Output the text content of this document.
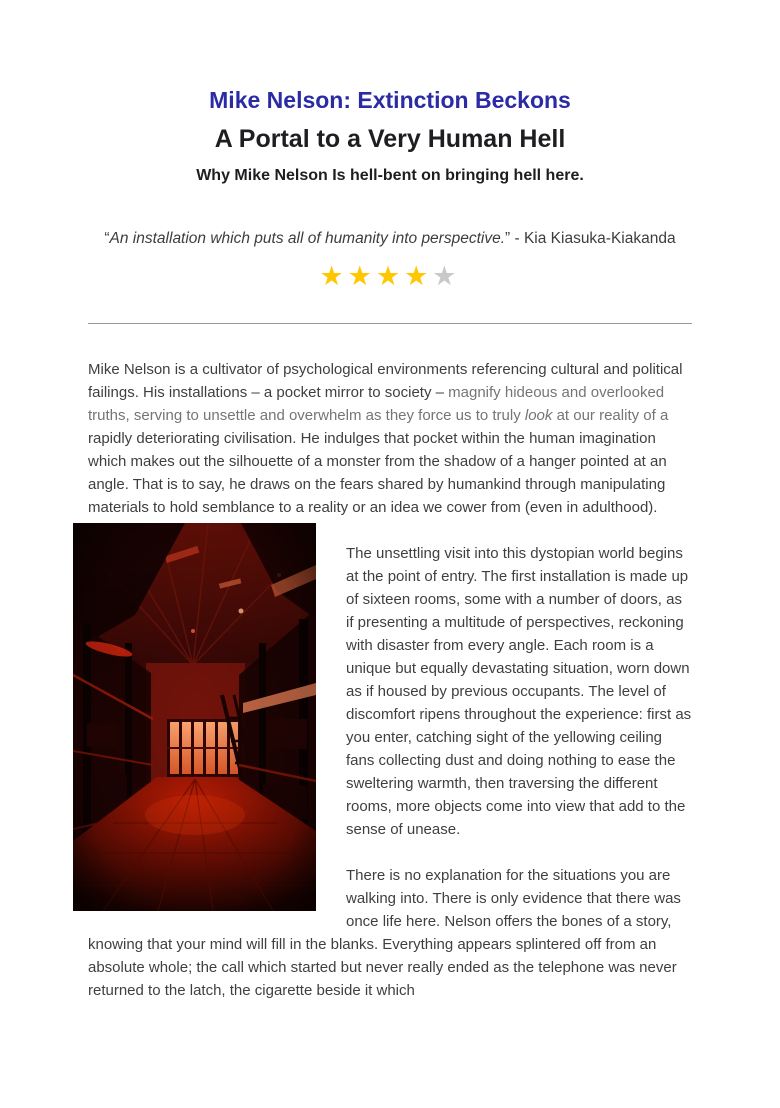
Mike Nelson: Extinction Beckons
A Portal to a Very Human Hell
Why Mike Nelson Is hell-bent on bringing hell here.

“An installation which puts all of humanity into perspective.” - Kia Kiasuka-Kiakanda

★★★★★

Mike Nelson is a cultivator of psychological environments referencing cultural and political failings. His installations – a pocket mirror to society – magnify hideous and overlooked truths, serving to unsettle and overwhelm as they force us to truly look at our reality of a rapidly deteriorating civilisation. He indulges that pocket within the human imagination which makes out the silhouette of a monster from the shadow of a hanger pointed at an angle. That is to say, he draws on the fears shared by humankind through manipulating materials to hold semblance to a reality or an idea we cower from (even in adulthood).

The unsettling visit into this dystopian world begins at the point of entry. The first installation is made up of sixteen rooms, some with a number of doors, as if presenting a multitude of perspectives, reckoning with disaster from every angle. Each room is a unique but equally devastating situation, worn down as if housed by previous occupants. The level of discomfort ripens throughout the experience: first as you enter, catching sight of the yellowing ceiling fans collecting dust and doing nothing to ease the sweltering warmth, then traversing the different rooms, more objects come into view that add to the sense of unease.

There is no explanation for the situations you are walking into. There is only evidence that there was once life here. Nelson offers the bones of a story, knowing that your mind will fill in the blanks. Everything appears splintered off from an absolute whole; the call which started but never really ended as the telephone was never returned to the latch, the cigarette beside it which
